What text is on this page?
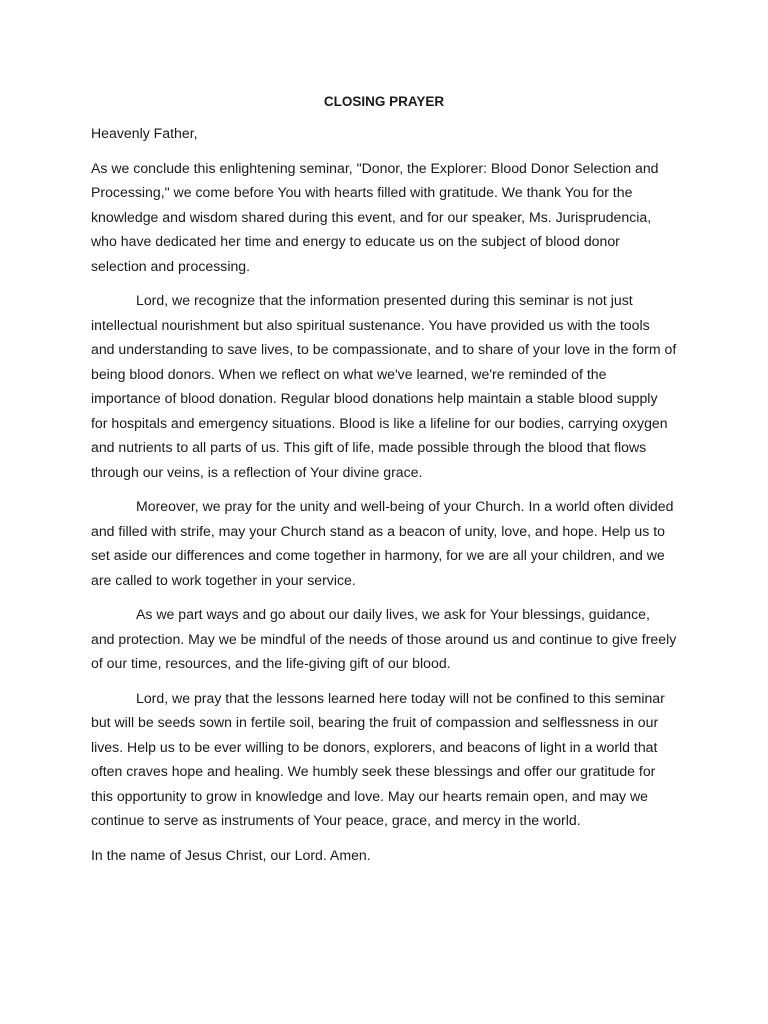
CLOSING PRAYER
Heavenly Father,
As we conclude this enlightening seminar, "Donor, the Explorer: Blood Donor Selection and Processing," we come before You with hearts filled with gratitude. We thank You for the knowledge and wisdom shared during this event, and for our speaker, Ms. Jurisprudencia, who have dedicated her time and energy to educate us on the subject of blood donor selection and processing.
Lord, we recognize that the information presented during this seminar is not just intellectual nourishment but also spiritual sustenance. You have provided us with the tools and understanding to save lives, to be compassionate, and to share of your love in the form of being blood donors. When we reflect on what we've learned, we're reminded of the importance of blood donation. Regular blood donations help maintain a stable blood supply for hospitals and emergency situations. Blood is like a lifeline for our bodies, carrying oxygen and nutrients to all parts of us. This gift of life, made possible through the blood that flows through our veins, is a reflection of Your divine grace.
Moreover, we pray for the unity and well-being of your Church. In a world often divided and filled with strife, may your Church stand as a beacon of unity, love, and hope. Help us to set aside our differences and come together in harmony, for we are all your children, and we are called to work together in your service.
As we part ways and go about our daily lives, we ask for Your blessings, guidance, and protection. May we be mindful of the needs of those around us and continue to give freely of our time, resources, and the life-giving gift of our blood.
Lord, we pray that the lessons learned here today will not be confined to this seminar but will be seeds sown in fertile soil, bearing the fruit of compassion and selflessness in our lives. Help us to be ever willing to be donors, explorers, and beacons of light in a world that often craves hope and healing. We humbly seek these blessings and offer our gratitude for this opportunity to grow in knowledge and love. May our hearts remain open, and may we continue to serve as instruments of Your peace, grace, and mercy in the world.
In the name of Jesus Christ, our Lord. Amen.
